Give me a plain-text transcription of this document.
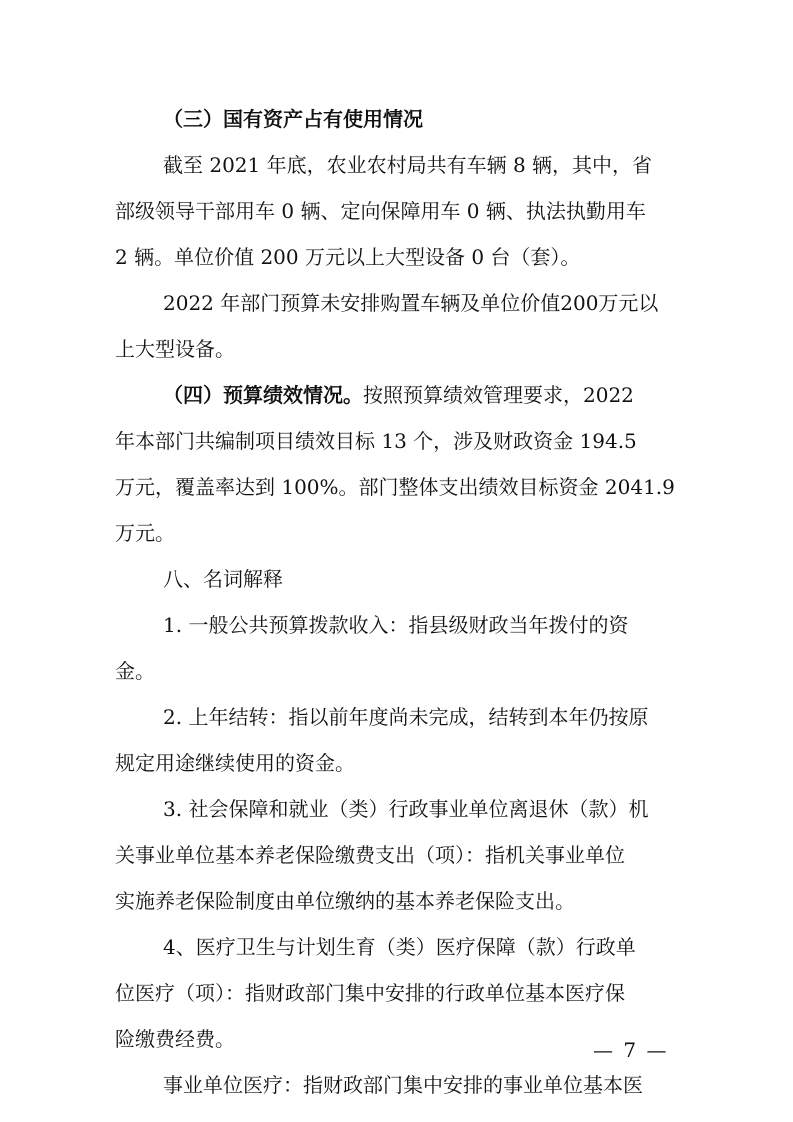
（三）国有资产占有使用情况

截至 2021 年底，农业农村局共有车辆 8 辆，其中，省

部级领导干部用车 0 辆、定向保障用车 0 辆、执法执勤用车

2 辆。单位价值 200 万元以上大型设备 0 台（套）。

2022 年部门预算未安排购置车辆及单位价值200万元以

上大型设备。

（四）预算绩效情况。按照预算绩效管理要求，2022

年本部门共编制项目绩效目标 13 个，涉及财政资金 194.5

万元，覆盖率达到 100%。部门整体支出绩效目标资金 2041.9

万元。

八、名词解释

1. 一般公共预算拨款收入：指县级财政当年拨付的资

金。

2. 上年结转：指以前年度尚未完成，结转到本年仍按原

规定用途继续使用的资金。

3. 社会保障和就业（类）行政事业单位离退休（款）机

关事业单位基本养老保险缴费支出（项）：指机关事业单位

实施养老保险制度由单位缴纳的基本养老保险支出。

4、医疗卫生与计划生育（类）医疗保障（款）行政单

位医疗（项）：指财政部门集中安排的行政单位基本医疗保

险缴费经费。

事业单位医疗：指财政部门集中安排的事业单位基本医

— 7 —
